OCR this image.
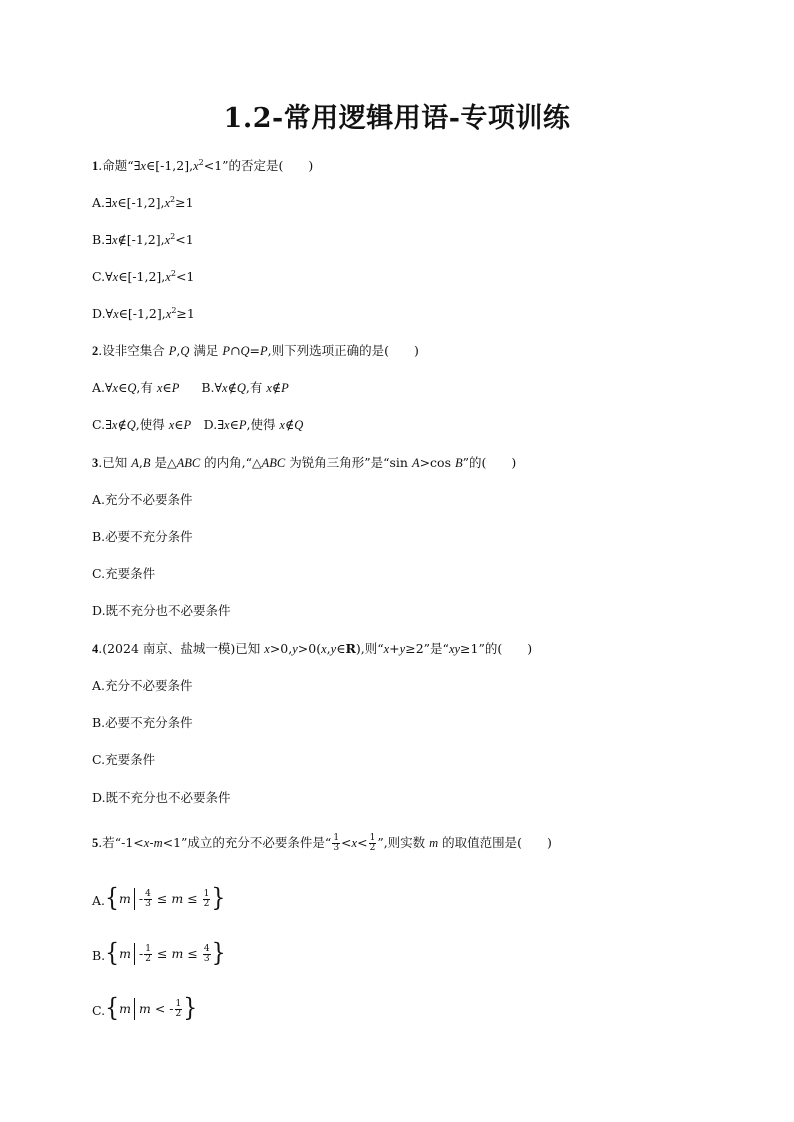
1.2-常用逻辑用语-专项训练
1.命题“$\exists x\in[-1,2],x^2<1$”的否定是(　　)
$A.\exists x\in[-1,2],x^2\ge 1$
$B.\exists x\notin[-1,2],x^2<1$
$C.\forall x\in[-1,2],x^2<1$
$D.\forall x\in[-1,2],x^2\ge 1$
2.设非空集合 P,Q 满足 P∩Q=P,则下列选项正确的是(　　)
A.∀x∈Q,有 x∈P B.∀x∉Q,有 x∉P
C.∃x∉Q,使得 x∈P　D.∃x∈P,使得 x∉Q
3.已知 A,B 是△ABC 的内角,“△ABC 为锐角三角形”是“sin A>cos B”的(　　)
A.充分不必要条件
B.必要不充分条件
C.充要条件
D.既不充分也不必要条件
4.(2024 南京、盐城一模)已知 x>0,y>0(x,y∈R),则“x+y≥2”是“xy≥1”的(　　)
A.充分不必要条件
B.必要不充分条件
C.充要条件
D.既不充分也不必要条件
5.若“-1<x-m<1”成立的充分不必要条件是“ $\frac{1}{3} <x< \frac{1}{2}$ ”,则实数 m 的取值范围是(　　)
A. { $m - \frac{4}{3} \le m \le \frac{1}{2}$ }
B. { $m - \frac{1}{2} \le m \le \frac{4}{3}$ }
C. { m m < - $\frac{1}{2}$ }
